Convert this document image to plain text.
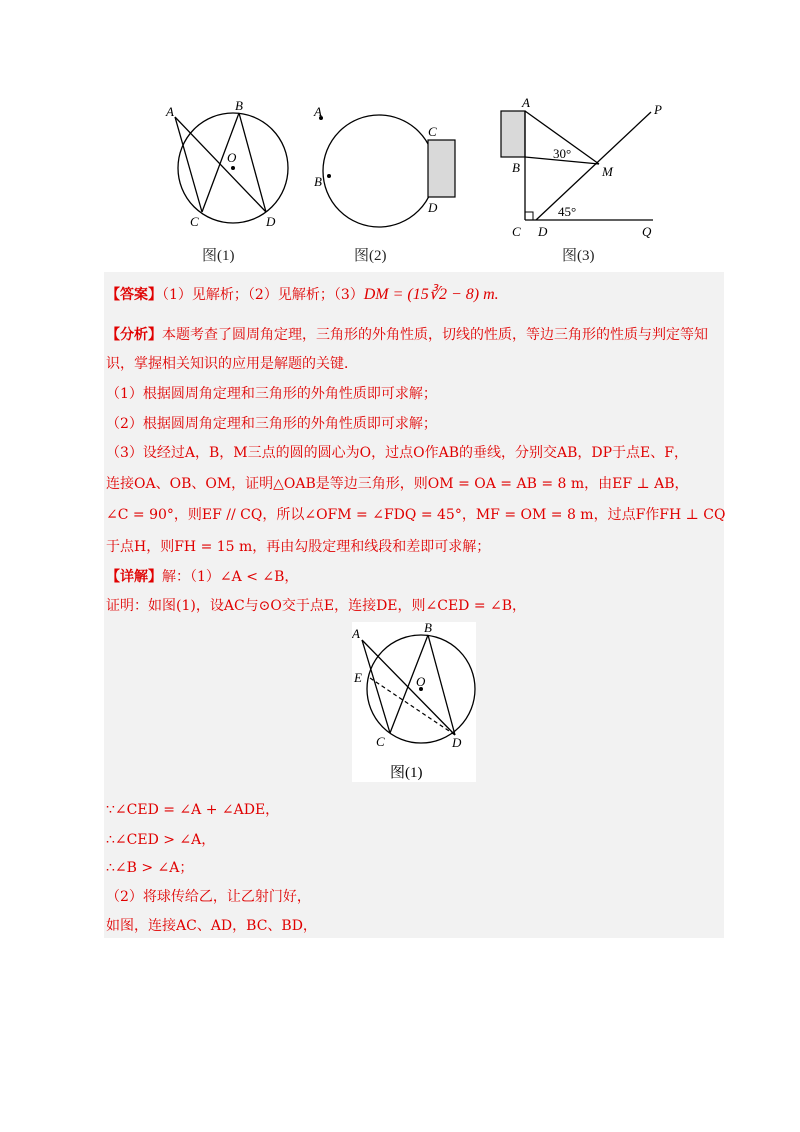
A	B
O
C	D
图(1)
A
B
C
D
图(2)
A
B
P
M
C D	Q
30°
45°
图(3)
【答案】（1）见解析；（2）见解析；（3）DM = (15∛2 − 8) m.
【分析】本题考查了圆周角定理，三角形的外角性质，切线的性质，等边三角形的性质与判定等知
识，掌握相关知识的应用是解题的关键．
（1）根据圆周角定理和三角形的外角性质即可求解；
（2）根据圆周角定理和三角形的外角性质即可求解；
（3）设经过A，B，M三点的圆的圆心为O，过点O作AB的垂线，分别交AB，DP于点E、F，
连接OA、OB、OM，证明△OAB是等边三角形，则OM = OA = AB = 8 m，由EF ⊥ AB，
∠C = 90°，则EF // CQ，所以∠OFM = ∠FDQ = 45°，MF = OM = 8 m，过点F作FH ⊥ CQ
于点H，则FH = 15 m，再由勾股定理和线段和差即可求解；
【详解】解：（1）∠A < ∠B，
证明：如图(1)，设AC与⊙O交于点E，连接DE，则∠CED = ∠B，
A	B
E	O
C	D
图(1)
∵∠CED = ∠A + ∠ADE，
∴∠CED > ∠A，
∴∠B > ∠A；
（2）将球传给乙，让乙射门好，
如图，连接AC、AD，BC、BD，
